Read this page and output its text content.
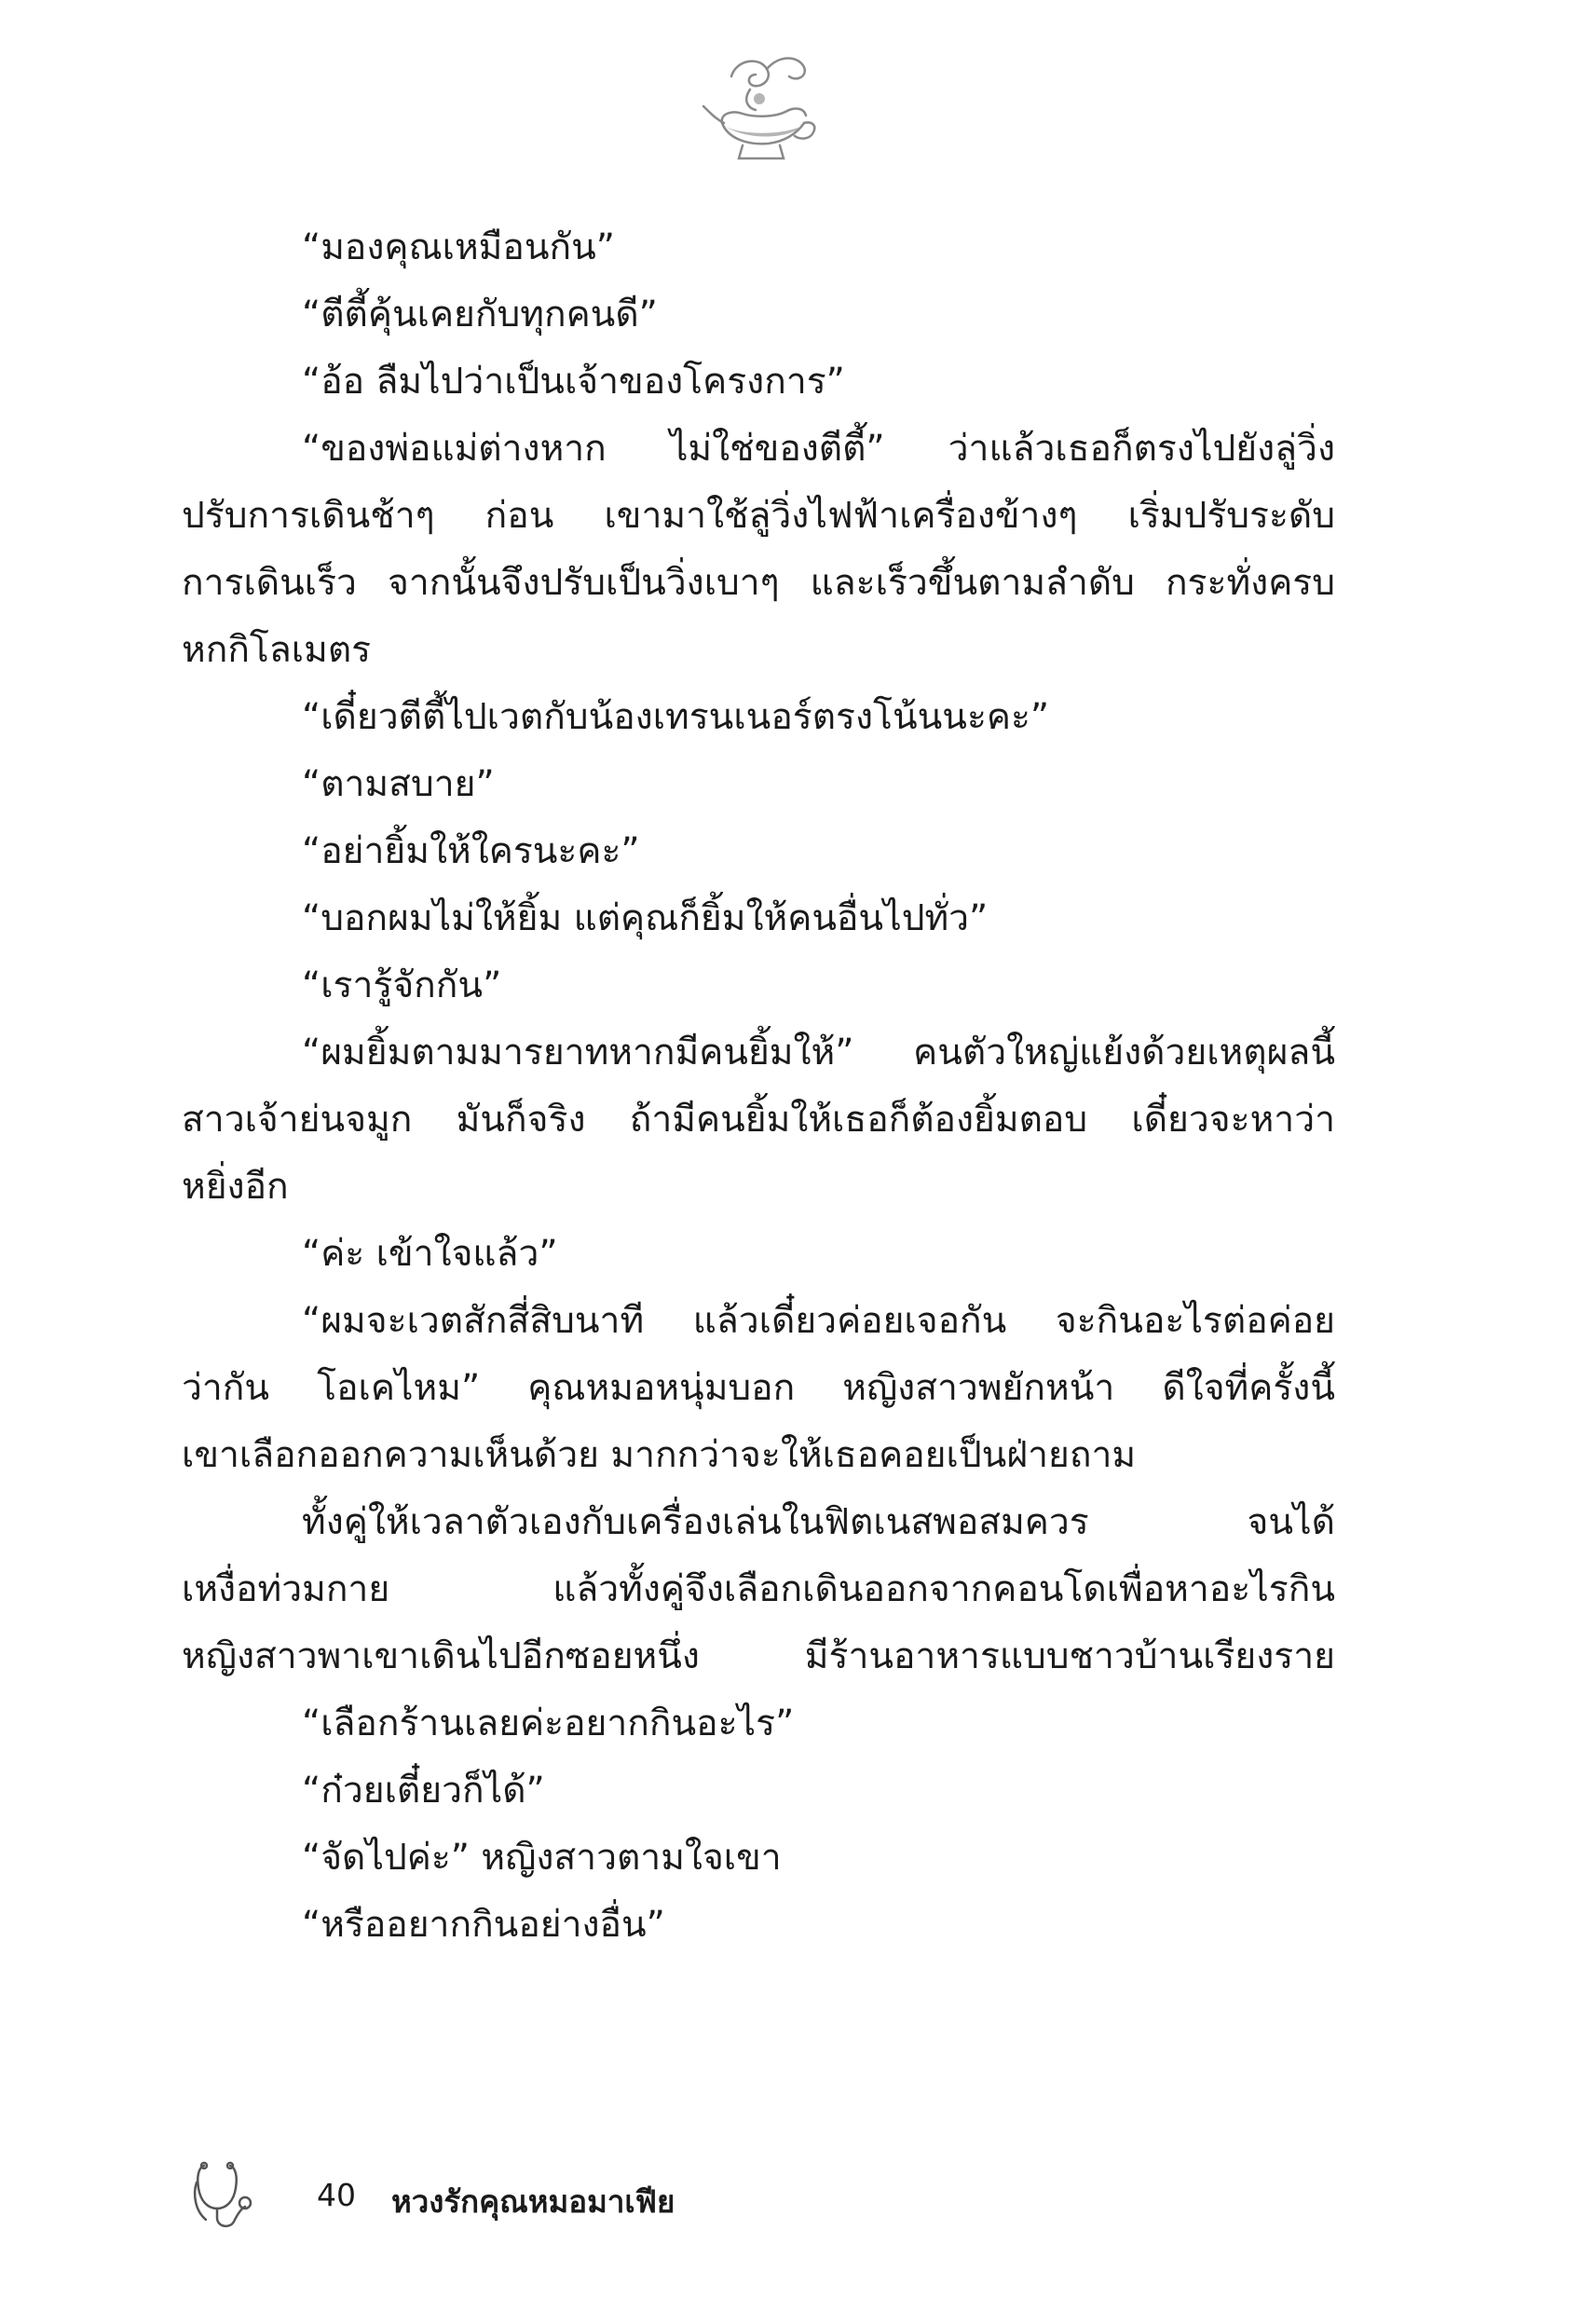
“มองคุณเหมือนกัน”
“ตีตี้คุ้นเคยกับทุกคนดี”
“อ้อ ลืมไปว่าเป็นเจ้าของโครงการ”
“ของพ่อแม่ต่างหาก ไม่ใช่ของตีตี้” ว่าแล้วเธอก็ตรงไปยังลู่วิ่ง
ปรับการเดินช้าๆ ก่อน เขามาใช้ลู่วิ่งไฟฟ้าเครื่องข้างๆ เริ่มปรับระดับ
การเดินเร็ว จากนั้นจึงปรับเป็นวิ่งเบาๆ และเร็วขึ้นตามลำดับ กระทั่งครบ
หกกิโลเมตร
“เดี๋ยวตีตี้ไปเวตกับน้องเทรนเนอร์ตรงโน้นนะคะ”
“ตามสบาย”
“อย่ายิ้มให้ใครนะคะ”
“บอกผมไม่ให้ยิ้ม แต่คุณก็ยิ้มให้คนอื่นไปทั่ว”
“เรารู้จักกัน”
“ผมยิ้มตามมารยาทหากมีคนยิ้มให้” คนตัวใหญ่แย้งด้วยเหตุผลนี้
สาวเจ้าย่นจมูก มันก็จริง ถ้ามีคนยิ้มให้เธอก็ต้องยิ้มตอบ เดี๋ยวจะหาว่า
หยิ่งอีก
“ค่ะ เข้าใจแล้ว”
“ผมจะเวตสักสี่สิบนาที แล้วเดี๋ยวค่อยเจอกัน จะกินอะไรต่อค่อย
ว่ากัน โอเคไหม” คุณหมอหนุ่มบอก หญิงสาวพยักหน้า ดีใจที่ครั้งนี้
เขาเลือกออกความเห็นด้วย มากกว่าจะให้เธอคอยเป็นฝ่ายถาม
ทั้งคู่ให้เวลาตัวเองกับเครื่องเล่นในฟิตเนสพอสมควร จนได้
เหงื่อท่วมกาย แล้วทั้งคู่จึงเลือกเดินออกจากคอนโดเพื่อหาอะไรกิน
หญิงสาวพาเขาเดินไปอีกซอยหนึ่ง มีร้านอาหารแบบชาวบ้านเรียงราย
“เลือกร้านเลยค่ะอยากกินอะไร”
“ก๋วยเตี๋ยวก็ได้”
“จัดไปค่ะ” หญิงสาวตามใจเขา
“หรืออยากกินอย่างอื่น”
40 หวงรักคุณหมอมาเฟีย
